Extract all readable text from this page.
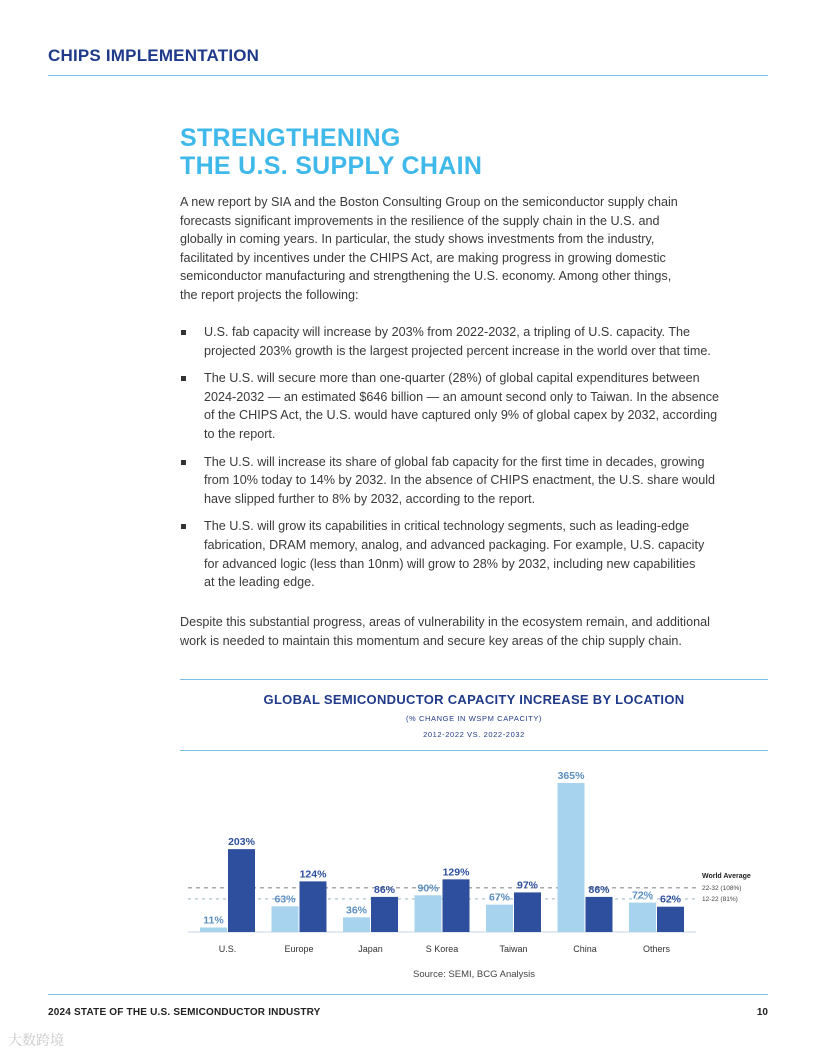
CHIPS IMPLEMENTATION
STRENGTHENING
THE U.S. SUPPLY CHAIN
A new report by SIA and the Boston Consulting Group on the semiconductor supply chain
forecasts significant improvements in the resilience of the supply chain in the U.S. and
globally in coming years. In particular, the study shows investments from the industry,
facilitated by incentives under the CHIPS Act, are making progress in growing domestic
semiconductor manufacturing and strengthening the U.S. economy. Among other things,
the report projects the following:
U.S. fab capacity will increase by 203% from 2022-2032, a tripling of U.S. capacity. The
projected 203% growth is the largest projected percent increase in the world over that time.
The U.S. will secure more than one-quarter (28%) of global capital expenditures between
2024-2032 — an estimated $646 billion — an amount second only to Taiwan. In the absence
of the CHIPS Act, the U.S. would have captured only 9% of global capex by 2032, according
to the report.
The U.S. will increase its share of global fab capacity for the first time in decades, growing
from 10% today to 14% by 2032. In the absence of CHIPS enactment, the U.S. share would
have slipped further to 8% by 2032, according to the report.
The U.S. will grow its capabilities in critical technology segments, such as leading-edge
fabrication, DRAM memory, analog, and advanced packaging. For example, U.S. capacity
for advanced logic (less than 10nm) will grow to 28% by 2032, including new capabilities
at the leading edge.
Despite this substantial progress, areas of vulnerability in the ecosystem remain, and additional
work is needed to maintain this momentum and secure key areas of the chip supply chain.
GLOBAL SEMICONDUCTOR CAPACITY INCREASE BY LOCATION
(% CHANGE IN WSPM CAPACITY)
2012-2022 VS. 2022-2032
11%
203%
U.S.
63%
124%
Europe
36%
86%
Japan
90%
129%
S Korea
67%
97%
Taiwan
365%
86%
China
72% 62%
Others
World Average
22-32 (108%)
12-22 (81%)
Source: SEMI, BCG Analysis
2024 STATE OF THE U.S. SEMICONDUCTOR INDUSTRY	10
大数跨境
